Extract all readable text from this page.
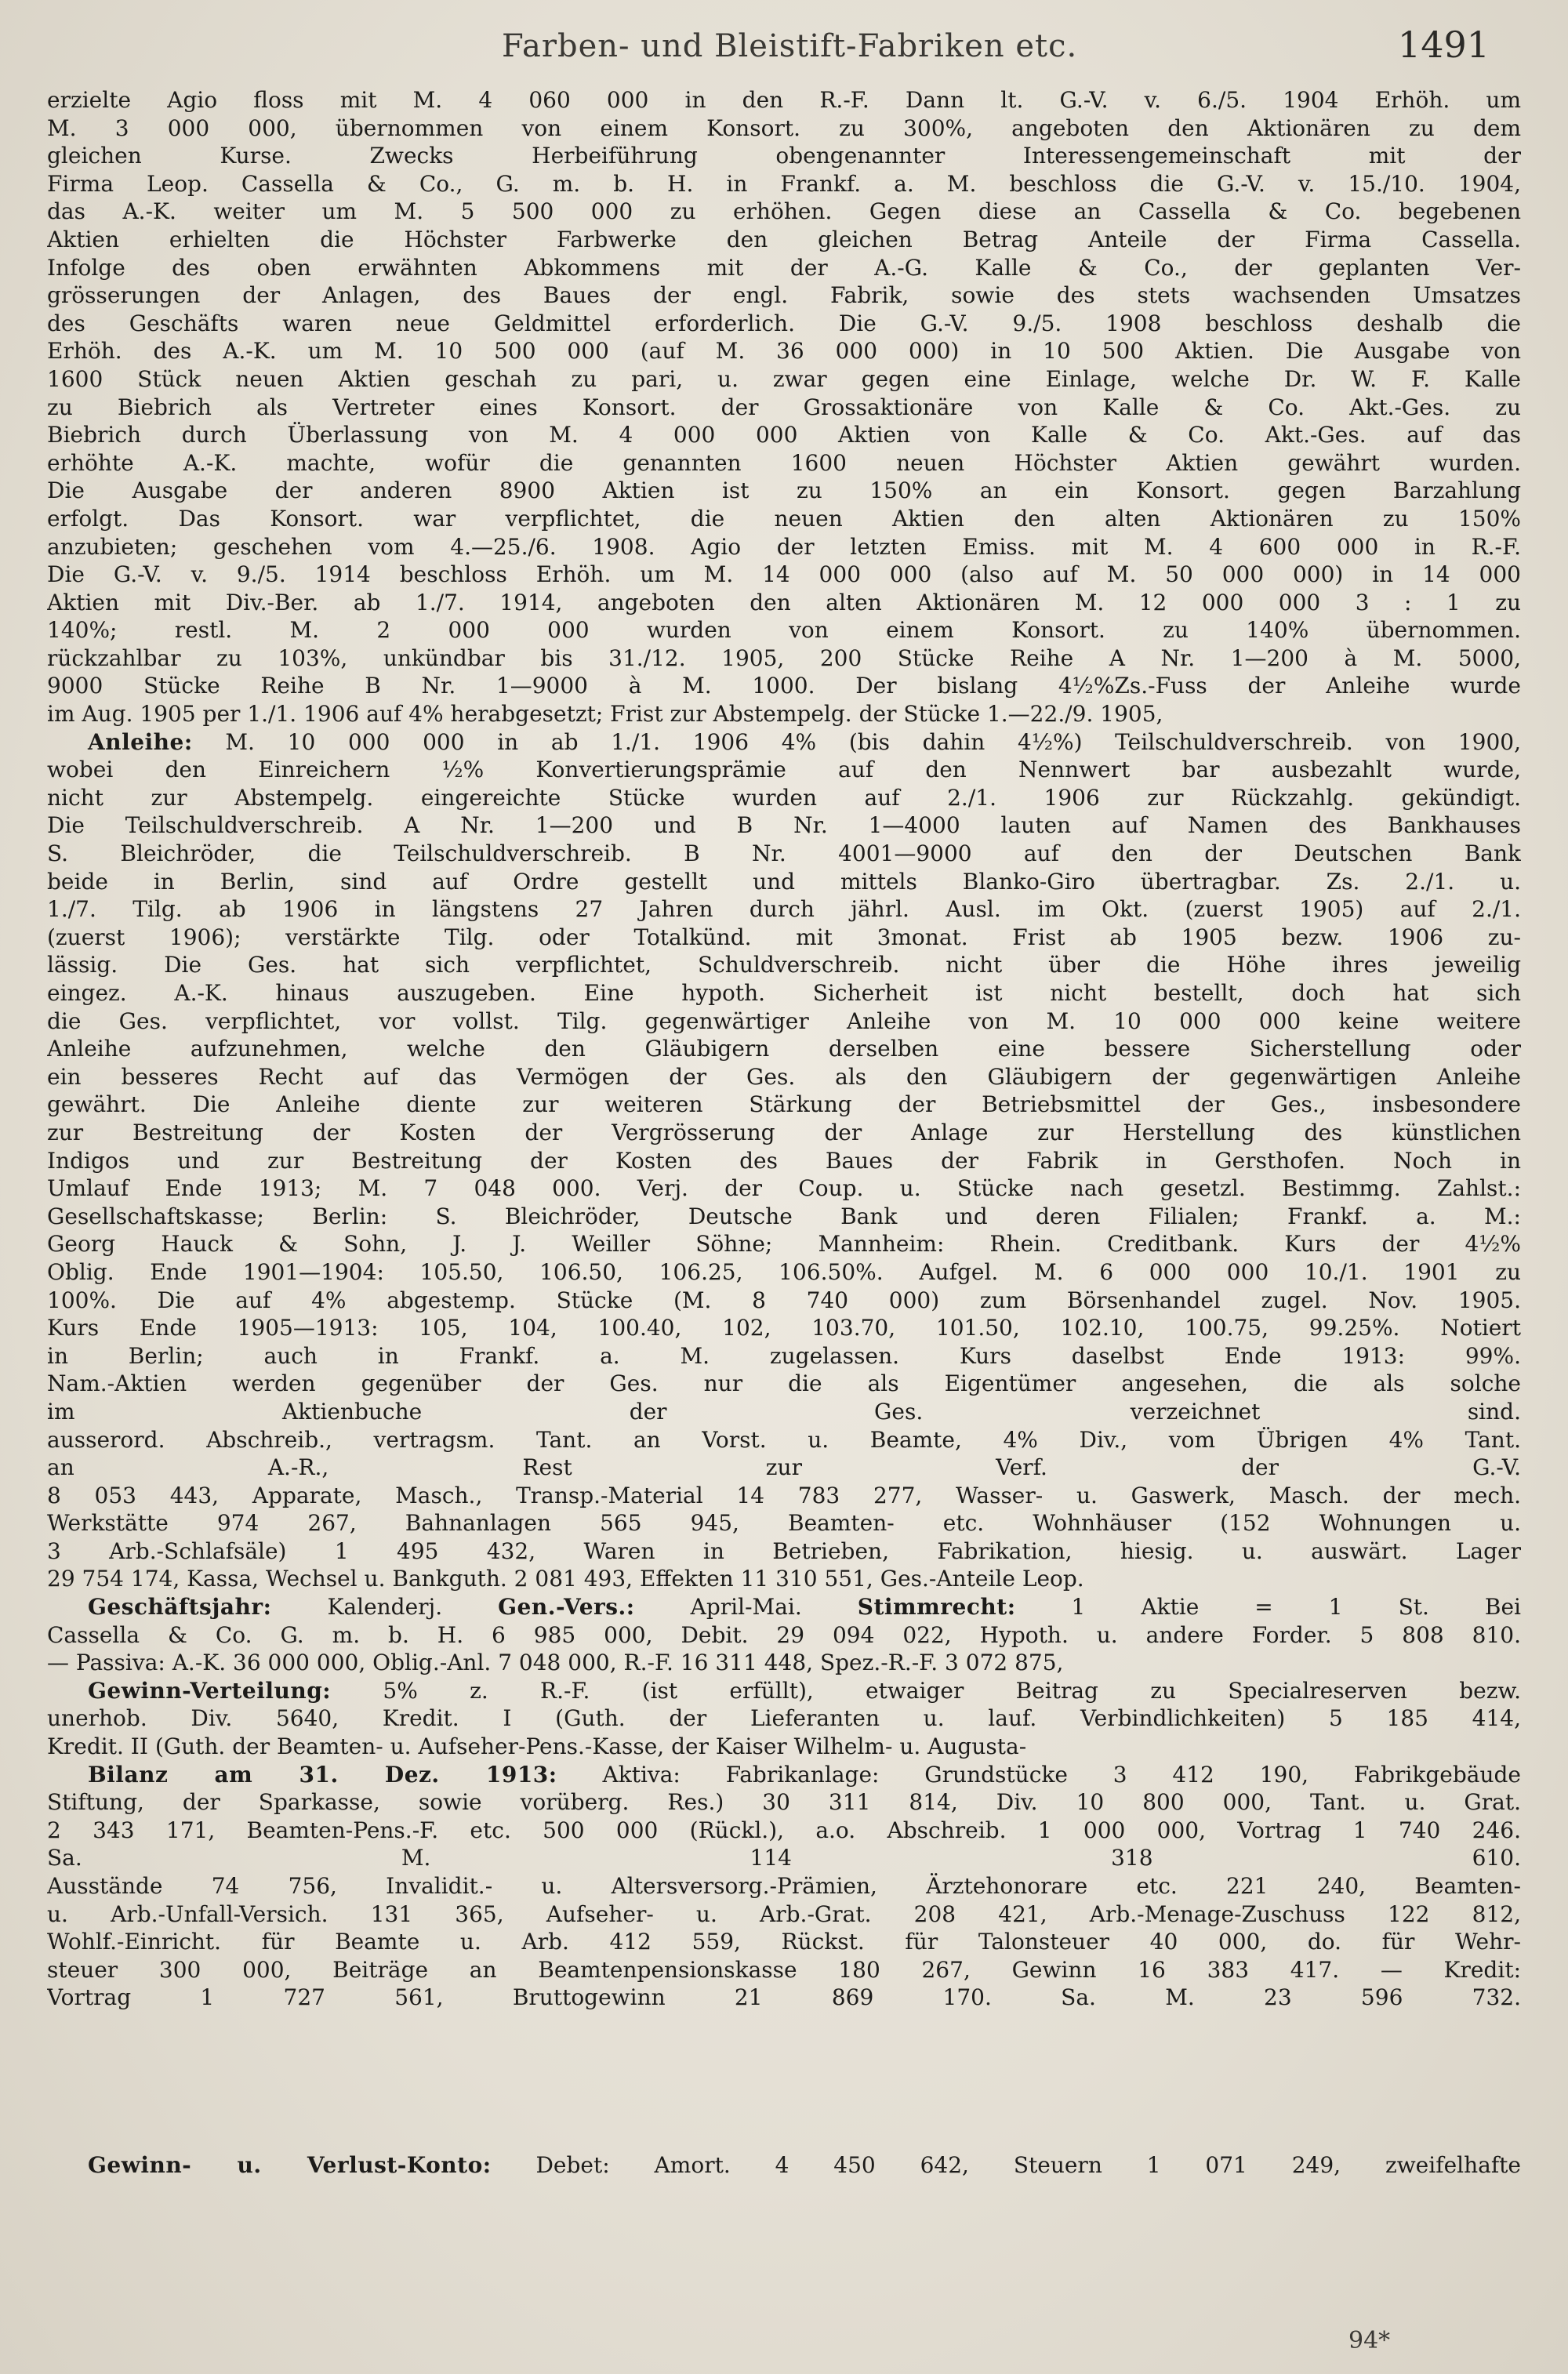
Farben- und Bleistift-Fabriken etc.	1491
erzielte Agio floss mit M. 4 060 000 in den R.-F. Dann lt. G.-V. v. 6./5. 1904 Erhöh. um
M. 3 000 000, übernommen von einem Konsort. zu 300%, angeboten den Aktionären zu dem
gleichen Kurse. Zwecks Herbeiführung obengenannter Interessengemeinschaft mit der
Firma Leop. Cassella & Co., G. m. b. H. in Frankf. a. M. beschloss die G.-V. v. 15./10. 1904,
das A.-K. weiter um M. 5 500 000 zu erhöhen. Gegen diese an Cassella & Co. begebenen
Aktien erhielten die Höchster Farbwerke den gleichen Betrag Anteile der Firma Cassella.
Infolge des oben erwähnten Abkommens mit der A.-G. Kalle & Co., der geplanten Ver-
grösserungen der Anlagen, des Baues der engl. Fabrik, sowie des stets wachsenden Umsatzes
des Geschäfts waren neue Geldmittel erforderlich. Die G.-V. 9./5. 1908 beschloss deshalb die
Erhöh. des A.-K. um M. 10 500 000 (auf M. 36 000 000) in 10 500 Aktien. Die Ausgabe von
1600 Stück neuen Aktien geschah zu pari, u. zwar gegen eine Einlage, welche Dr. W. F. Kalle
zu Biebrich als Vertreter eines Konsort. der Grossaktionäre von Kalle & Co. Akt.-Ges. zu
Biebrich durch Überlassung von M. 4 000 000 Aktien von Kalle & Co. Akt.-Ges. auf das
erhöhte A.-K. machte, wofür die genannten 1600 neuen Höchster Aktien gewährt wurden.
Die Ausgabe der anderen 8900 Aktien ist zu 150% an ein Konsort. gegen Barzahlung
erfolgt. Das Konsort. war verpflichtet, die neuen Aktien den alten Aktionären zu 150%
anzubieten; geschehen vom 4.—25./6. 1908. Agio der letzten Emiss. mit M. 4 600 000 in R.-F.
Die G.-V. v. 9./5. 1914 beschloss Erhöh. um M. 14 000 000 (also auf M. 50 000 000) in 14 000
Aktien mit Div.-Ber. ab 1./7. 1914, angeboten den alten Aktionären M. 12 000 000 3 : 1 zu
140%; restl. M. 2 000 000 wurden von einem Konsort. zu 140% übernommen.
rückzahlbar zu 103%, unkündbar bis 31./12. 1905, 200 Stücke Reihe A Nr. 1—200 à M. 5000,
9000 Stücke Reihe B Nr. 1—9000 à M. 1000. Der bislang 4½%Zs.-Fuss der Anleihe wurde
im Aug. 1905 per 1./1. 1906 auf 4% herabgesetzt; Frist zur Abstempelg. der Stücke 1.—22./9. 1905,
Anleihe: M. 10 000 000 in ab 1./1. 1906 4% (bis dahin 4½%) Teilschuldverschreib. von 1900,
wobei den Einreichern ½% Konvertierungsprämie auf den Nennwert bar ausbezahlt wurde,
nicht zur Abstempelg. eingereichte Stücke wurden auf 2./1. 1906 zur Rückzahlg. gekündigt.
Die Teilschuldverschreib. A Nr. 1—200 und B Nr. 1—4000 lauten auf Namen des Bankhauses
S. Bleichröder, die Teilschuldverschreib. B Nr. 4001—9000 auf den der Deutschen Bank
beide in Berlin, sind auf Ordre gestellt und mittels Blanko-Giro übertragbar. Zs. 2./1. u.
1./7. Tilg. ab 1906 in längstens 27 Jahren durch jährl. Ausl. im Okt. (zuerst 1905) auf 2./1.
(zuerst 1906); verstärkte Tilg. oder Totalkünd. mit 3monat. Frist ab 1905 bezw. 1906 zu-
lässig. Die Ges. hat sich verpflichtet, Schuldverschreib. nicht über die Höhe ihres jeweilig
eingez. A.-K. hinaus auszugeben. Eine hypoth. Sicherheit ist nicht bestellt, doch hat sich
die Ges. verpflichtet, vor vollst. Tilg. gegenwärtiger Anleihe von M. 10 000 000 keine weitere
Anleihe aufzunehmen, welche den Gläubigern derselben eine bessere Sicherstellung oder
ein besseres Recht auf das Vermögen der Ges. als den Gläubigern der gegenwärtigen Anleihe
gewährt. Die Anleihe diente zur weiteren Stärkung der Betriebsmittel der Ges., insbesondere
zur Bestreitung der Kosten der Vergrösserung der Anlage zur Herstellung des künstlichen
Indigos und zur Bestreitung der Kosten des Baues der Fabrik in Gersthofen. Noch in
Umlauf Ende 1913; M. 7 048 000. Verj. der Coup. u. Stücke nach gesetzl. Bestimmg. Zahlst.:
Gesellschaftskasse; Berlin: S. Bleichröder, Deutsche Bank und deren Filialen; Frankf. a. M.:
Georg Hauck & Sohn, J. J. Weiller Söhne; Mannheim: Rhein. Creditbank. Kurs der 4½%
Oblig. Ende 1901—1904: 105.50, 106.50, 106.25, 106.50%. Aufgel. M. 6 000 000 10./1. 1901 zu
100%. Die auf 4% abgestemp. Stücke (M. 8 740 000) zum Börsenhandel zugel. Nov. 1905.
Kurs Ende 1905—1913: 105, 104, 100.40, 102, 103.70, 101.50, 102.10, 100.75, 99.25%. Notiert
in Berlin; auch in Frankf. a. M. zugelassen. Kurs daselbst Ende 1913: 99%.
Nam.-Aktien werden gegenüber der Ges. nur die als Eigentümer angesehen, die als solche
im Aktienbuche der Ges. verzeichnet sind.
ausserord. Abschreib., vertragsm. Tant. an Vorst. u. Beamte, 4% Div., vom Übrigen 4% Tant.
an A.-R., Rest zur Verf. der G.-V.
8 053 443, Apparate, Masch., Transp.-Material 14 783 277, Wasser- u. Gaswerk, Masch. der mech.
Werkstätte 974 267, Bahnanlagen 565 945, Beamten- etc. Wohnhäuser (152 Wohnungen u.
3 Arb.-Schlafsäle) 1 495 432, Waren in Betrieben, Fabrikation, hiesig. u. auswärt. Lager
29 754 174, Kassa, Wechsel u. Bankguth. 2 081 493, Effekten 11 310 551, Ges.-Anteile Leop.
Geschäftsjahr:	Kalenderj.	Gen.-Vers.:	April-Mai.	Stimmrecht:	1 Aktie = 1 St. Bei
Cassella & Co. G. m. b. H. 6 985 000, Debit. 29 094 022, Hypoth. u. andere Forder. 5 808 810.
— Passiva: A.-K. 36 000 000, Oblig.-Anl. 7 048 000, R.-F. 16 311 448, Spez.-R.-F. 3 072 875,
Gewinn-Verteilung: 5% z. R.-F. (ist erfüllt), etwaiger Beitrag zu Specialreserven bezw.
unerhob. Div. 5640, Kredit. I (Guth. der Lieferanten u. lauf. Verbindlichkeiten) 5 185 414,
Kredit. II (Guth. der Beamten- u. Aufseher-Pens.-Kasse, der Kaiser Wilhelm- u. Augusta-
Bilanz am 31. Dez. 1913: Aktiva: Fabrikanlage: Grundstücke 3 412 190, Fabrikgebäude
Stiftung, der Sparkasse, sowie vorüberg. Res.) 30 311 814, Div. 10 800 000, Tant. u. Grat.
2 343 171, Beamten-Pens.-F. etc. 500 000 (Rückl.), a.o. Abschreib. 1 000 000, Vortrag 1 740 246.
Sa. M. 114 318 610.
Ausstände 74 756, Invalidit.- u. Altersversorg.-Prämien, Ärztehonorare etc. 221 240, Beamten-
u. Arb.-Unfall-Versich. 131 365, Aufseher- u. Arb.-Grat. 208 421, Arb.-Menage-Zuschuss 122 812,
Wohlf.-Einricht. für Beamte u. Arb. 412 559, Rückst. für Talonsteuer 40 000, do. für Wehr-
steuer 300 000, Beiträge an Beamtenpensionskasse 180 267, Gewinn 16 383 417. — Kredit:
Vortrag 1 727 561, Bruttogewinn 21 869 170. Sa. M. 23 596 732.
Gewinn- u. Verlust-Konto: Debet: Amort. 4 450 642, Steuern 1 071 249, zweifelhafte
94*
